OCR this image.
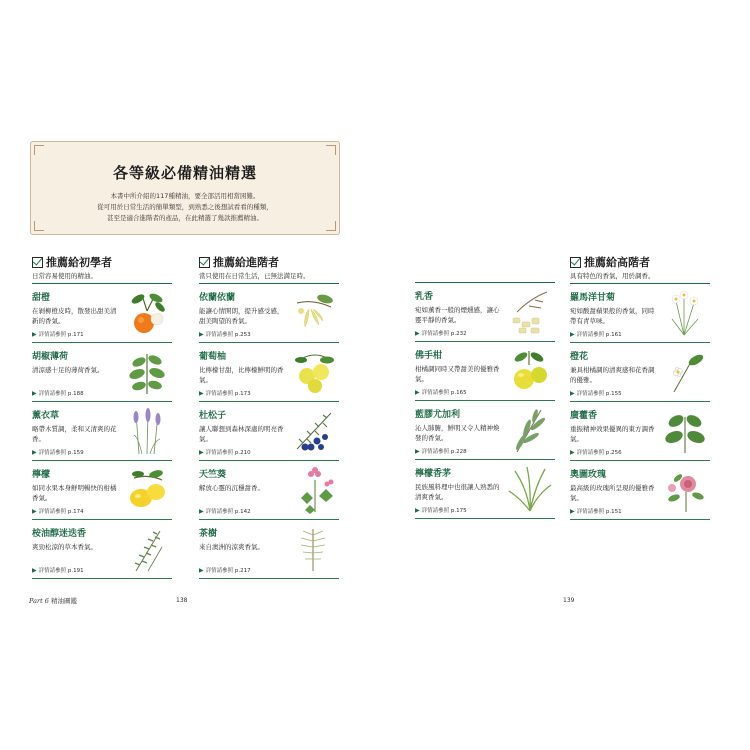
各等級必備精油精選

本書中所介紹的117種精油，要全部活用相當困難。

從可用於日常生活的簡單類型，到熟悉之後想試看看的種類，

甚至是適合進階者的產品，在此精選了幾款推薦精油。

推薦給初學者
日常容易使用的精油。
甜橙
在剝柳橙皮時，散發出甜美清新的香氣。
▶ 詳情請參照 p.171
胡椒薄荷
清涼感十足的薄荷香氣。
▶ 詳情請參照 p.188
薰衣草
略帶木質調，柔和又清爽的花香。
▶ 詳情請參照 p.159
檸檬
如同水果本身鮮明暢快的柑橘香氣。
▶ 詳情請參照 p.174
桉油醇迷迭香
爽勁松涼的草本香氣。
▶ 詳情請參照 p.191
推薦給進階者
當只使用在日常生活，已無法満足時。
依蘭依蘭
能讓心情開朗，提升感受感，甜美陶望的香氣。
▶ 詳情請參照 p.253
葡萄柚
比檸檬甘甜，比檸檬鮮明的香氣。
▶ 詳情請參照 p.173
杜松子
讓人聯想到森林深處的明亮香氣。
▶ 詳情請參照 p.210
天竺葵
解放心靈的沉穩甜香。
▶ 詳情請參照 p.142
茶樹
來自澳洲的涼爽香氣。
▶ 詳情請參照 p.217
乳香
宛如薰香一般的煙燻感，讓心靈平靜的香氣。
▶ 詳情請參照 p.232
佛手柑
柑橘調同時又帶甜美的優雅香氣。
▶ 詳情請參照 p.165
藍膠尤加利
沁人肺腑，鮮明又令人精神煥發的香氣。
▶ 詳情請參照 p.228
檸檬香茅
民族風料理中也很讓人熟悉的清爽香氣。
▶ 詳情請參照 p.175
推薦給高階者
具有特色的香氣，用於調香。
羅馬洋甘菊
宛如酸甜蘋果般的香氣，同時帶有青草味。
▶ 詳情請參照 p.161
橙花
兼具柑橘調的清爽感和花香調的優雅。
▶ 詳情請參照 p.155
廣藿香
重振精神效果優異的東方調香氣。
▶ 詳情請參照 p.256
奧圖玫瑰
最高級的玫瑰所呈現的優雅香氣。
▶ 詳情請參照 p.151
Part 6 精油圖鑑	138	139
